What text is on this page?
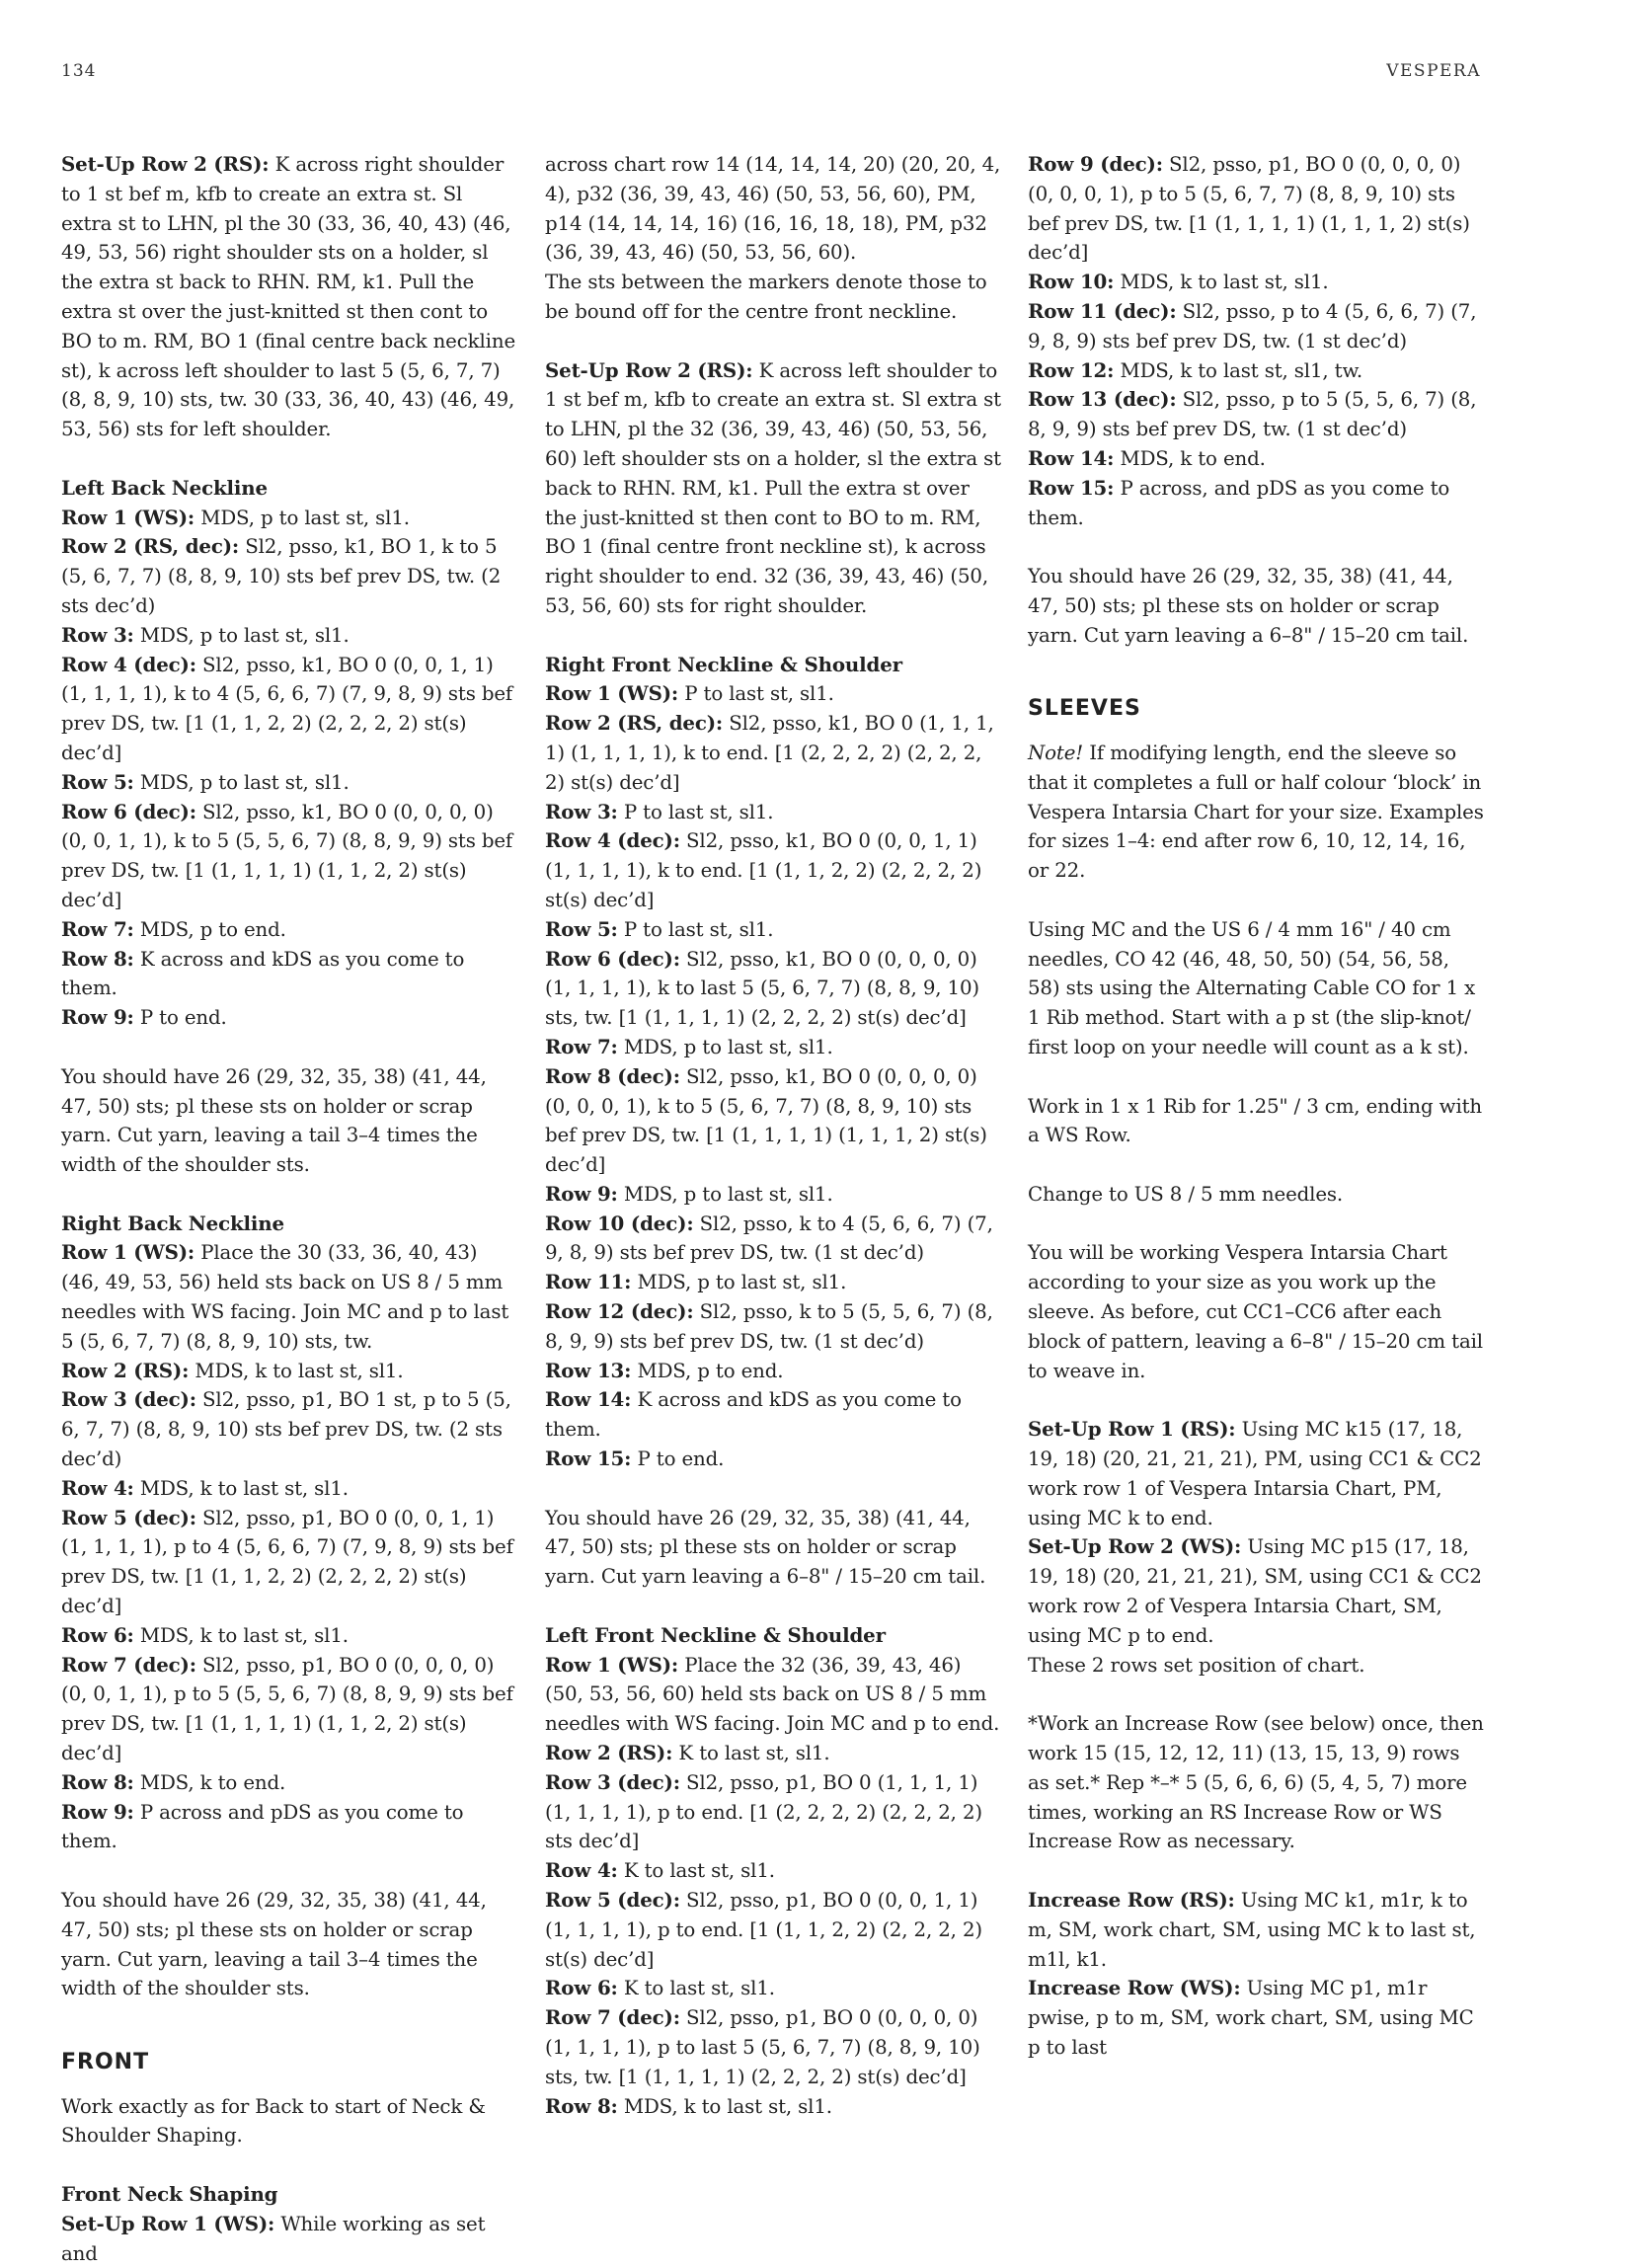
134	VESPERA

Set-Up Row 2 (RS): K across right shoulder to 1 st bef m, kfb to create an extra st. Sl extra st to LHN, pl the 30 (33, 36, 40, 43) (46, 49, 53, 56) right shoulder sts on a holder, sl the extra st back to RHN. RM, k1. Pull the extra st over the just-knitted st then cont to BO to m. RM, BO 1 (final centre back neckline st), k across left shoulder to last 5 (5, 6, 7, 7) (8, 8, 9, 10) sts, tw. 30 (33, 36, 40, 43) (46, 49, 53, 56) sts for left shoulder.

Left Back Neckline

Row 1 (WS): MDS, p to last st, sl1.

Row 2 (RS, dec): Sl2, psso, k1, BO 1, k to 5 (5, 6, 7, 7) (8, 8, 9, 10) sts bef prev DS, tw. (2 sts dec’d)

Row 3: MDS, p to last st, sl1.

Row 4 (dec): Sl2, psso, k1, BO 0 (0, 0, 1, 1) (1, 1, 1, 1), k to 4 (5, 6, 6, 7) (7, 9, 8, 9) sts bef prev DS, tw. [1 (1, 1, 2, 2) (2, 2, 2, 2) st(s) dec’d]

Row 5: MDS, p to last st, sl1.

Row 6 (dec): Sl2, psso, k1, BO 0 (0, 0, 0, 0) (0, 0, 1, 1), k to 5 (5, 5, 6, 7) (8, 8, 9, 9) sts bef prev DS, tw. [1 (1, 1, 1, 1) (1, 1, 2, 2) st(s) dec’d]

Row 7: MDS, p to end.

Row 8: K across and kDS as you come to them.

Row 9: P to end.

You should have 26 (29, 32, 35, 38) (41, 44, 47, 50) sts; pl these sts on holder or scrap yarn. Cut yarn, leaving a tail 3–4 times the width of the shoulder sts.

Right Back Neckline

Row 1 (WS): Place the 30 (33, 36, 40, 43) (46, 49, 53, 56) held sts back on US 8 / 5 mm needles with WS facing. Join MC and p to last 5 (5, 6, 7, 7) (8, 8, 9, 10) sts, tw.

Row 2 (RS): MDS, k to last st, sl1.

Row 3 (dec): Sl2, psso, p1, BO 1 st, p to 5 (5, 6, 7, 7) (8, 8, 9, 10) sts bef prev DS, tw. (2 sts dec’d)

Row 4: MDS, k to last st, sl1.

Row 5 (dec): Sl2, psso, p1, BO 0 (0, 0, 1, 1) (1, 1, 1, 1), p to 4 (5, 6, 6, 7) (7, 9, 8, 9) sts bef prev DS, tw. [1 (1, 1, 2, 2) (2, 2, 2, 2) st(s) dec’d]

Row 6: MDS, k to last st, sl1.

Row 7 (dec): Sl2, psso, p1, BO 0 (0, 0, 0, 0) (0, 0, 1, 1), p to 5 (5, 5, 6, 7) (8, 8, 9, 9) sts bef prev DS, tw. [1 (1, 1, 1, 1) (1, 1, 2, 2) st(s) dec’d]

Row 8: MDS, k to end.

Row 9: P across and pDS as you come to them.

You should have 26 (29, 32, 35, 38) (41, 44, 47, 50) sts; pl these sts on holder or scrap yarn. Cut yarn, leaving a tail 3–4 times the width of the shoulder sts.

FRONT

Work exactly as for Back to start of Neck & Shoulder Shaping.

Front Neck Shaping

Set-Up Row 1 (WS): While working as set and

across chart row 14 (14, 14, 14, 20) (20, 20, 4, 4), p32 (36, 39, 43, 46) (50, 53, 56, 60), PM, p14 (14, 14, 14, 16) (16, 16, 18, 18), PM, p32 (36, 39, 43, 46) (50, 53, 56, 60).

The sts between the markers denote those to be bound off for the centre front neckline.

Set-Up Row 2 (RS): K across left shoulder to 1 st bef m, kfb to create an extra st. Sl extra st to LHN, pl the 32 (36, 39, 43, 46) (50, 53, 56, 60) left shoulder sts on a holder, sl the extra st back to RHN. RM, k1. Pull the extra st over the just-knitted st then cont to BO to m. RM, BO 1 (final centre front neckline st), k across right shoulder to end. 32 (36, 39, 43, 46) (50, 53, 56, 60) sts for right shoulder.

Right Front Neckline & Shoulder

Row 1 (WS): P to last st, sl1.

Row 2 (RS, dec): Sl2, psso, k1, BO 0 (1, 1, 1, 1) (1, 1, 1, 1), k to end. [1 (2, 2, 2, 2) (2, 2, 2, 2) st(s) dec’d]

Row 3: P to last st, sl1.

Row 4 (dec): Sl2, psso, k1, BO 0 (0, 0, 1, 1) (1, 1, 1, 1), k to end. [1 (1, 1, 2, 2) (2, 2, 2, 2) st(s) dec’d]

Row 5: P to last st, sl1.

Row 6 (dec): Sl2, psso, k1, BO 0 (0, 0, 0, 0) (1, 1, 1, 1), k to last 5 (5, 6, 7, 7) (8, 8, 9, 10) sts, tw. [1 (1, 1, 1, 1) (2, 2, 2, 2) st(s) dec’d]

Row 7: MDS, p to last st, sl1.

Row 8 (dec): Sl2, psso, k1, BO 0 (0, 0, 0, 0) (0, 0, 0, 1), k to 5 (5, 6, 7, 7) (8, 8, 9, 10) sts bef prev DS, tw. [1 (1, 1, 1, 1) (1, 1, 1, 2) st(s) dec’d]

Row 9: MDS, p to last st, sl1.

Row 10 (dec): Sl2, psso, k to 4 (5, 6, 6, 7) (7, 9, 8, 9) sts bef prev DS, tw. (1 st dec’d)

Row 11: MDS, p to last st, sl1.

Row 12 (dec): Sl2, psso, k to 5 (5, 5, 6, 7) (8, 8, 9, 9) sts bef prev DS, tw. (1 st dec’d)

Row 13: MDS, p to end.

Row 14: K across and kDS as you come to them.

Row 15: P to end.

You should have 26 (29, 32, 35, 38) (41, 44, 47, 50) sts; pl these sts on holder or scrap yarn. Cut yarn leaving a 6–8" / 15–20 cm tail.

Left Front Neckline & Shoulder

Row 1 (WS): Place the 32 (36, 39, 43, 46) (50, 53, 56, 60) held sts back on US 8 / 5 mm needles with WS facing. Join MC and p to end.

Row 2 (RS): K to last st, sl1.

Row 3 (dec): Sl2, psso, p1, BO 0 (1, 1, 1, 1) (1, 1, 1, 1), p to end. [1 (2, 2, 2, 2) (2, 2, 2, 2) sts dec’d]

Row 4: K to last st, sl1.

Row 5 (dec): Sl2, psso, p1, BO 0 (0, 0, 1, 1) (1, 1, 1, 1), p to end. [1 (1, 1, 2, 2) (2, 2, 2, 2) st(s) dec’d]

Row 6: K to last st, sl1.

Row 7 (dec): Sl2, psso, p1, BO 0 (0, 0, 0, 0) (1, 1, 1, 1), p to last 5 (5, 6, 7, 7) (8, 8, 9, 10) sts, tw. [1 (1, 1, 1, 1) (2, 2, 2, 2) st(s) dec’d]

Row 8: MDS, k to last st, sl1.

Row 9 (dec): Sl2, psso, p1, BO 0 (0, 0, 0, 0) (0, 0, 0, 1), p to 5 (5, 6, 7, 7) (8, 8, 9, 10) sts bef prev DS, tw. [1 (1, 1, 1, 1) (1, 1, 1, 2) st(s) dec’d]

Row 10: MDS, k to last st, sl1.

Row 11 (dec): Sl2, psso, p to 4 (5, 6, 6, 7) (7, 9, 8, 9) sts bef prev DS, tw. (1 st dec’d)

Row 12: MDS, k to last st, sl1, tw.

Row 13 (dec): Sl2, psso, p to 5 (5, 5, 6, 7) (8, 8, 9, 9) sts bef prev DS, tw. (1 st dec’d)

Row 14: MDS, k to end.

Row 15: P across, and pDS as you come to them.

You should have 26 (29, 32, 35, 38) (41, 44, 47, 50) sts; pl these sts on holder or scrap yarn. Cut yarn leaving a 6–8" / 15–20 cm tail.

SLEEVES

Note! If modifying length, end the sleeve so that it completes a full or half colour ‘block’ in Vespera Intarsia Chart for your size. Examples for sizes 1–4: end after row 6, 10, 12, 14, 16, or 22.

Using MC and the US 6 / 4 mm 16" / 40 cm needles, CO 42 (46, 48, 50, 50) (54, 56, 58, 58) sts using the Alternating Cable CO for 1 x 1 Rib method. Start with a p st (the slip-knot/ first loop on your needle will count as a k st).

Work in 1 x 1 Rib for 1.25" / 3 cm, ending with a WS Row.

Change to US 8 / 5 mm needles.

You will be working Vespera Intarsia Chart according to your size as you work up the sleeve. As before, cut CC1–CC6 after each block of pattern, leaving a 6–8" / 15–20 cm tail to weave in.

Set-Up Row 1 (RS): Using MC k15 (17, 18, 19, 18) (20, 21, 21, 21), PM, using CC1 & CC2 work row 1 of Vespera Intarsia Chart, PM, using MC k to end.

Set-Up Row 2 (WS): Using MC p15 (17, 18, 19, 18) (20, 21, 21, 21), SM, using CC1 & CC2 work row 2 of Vespera Intarsia Chart, SM, using MC p to end.

These 2 rows set position of chart.

*Work an Increase Row (see below) once, then work 15 (15, 12, 12, 11) (13, 15, 13, 9) rows as set.* Rep *–* 5 (5, 6, 6, 6) (5, 4, 5, 7) more times, working an RS Increase Row or WS Increase Row as necessary.

Increase Row (RS): Using MC k1, m1r, k to m, SM, work chart, SM, using MC k to last st, m1l, k1.

Increase Row (WS): Using MC p1, m1r pwise, p to m, SM, work chart, SM, using MC p to last
